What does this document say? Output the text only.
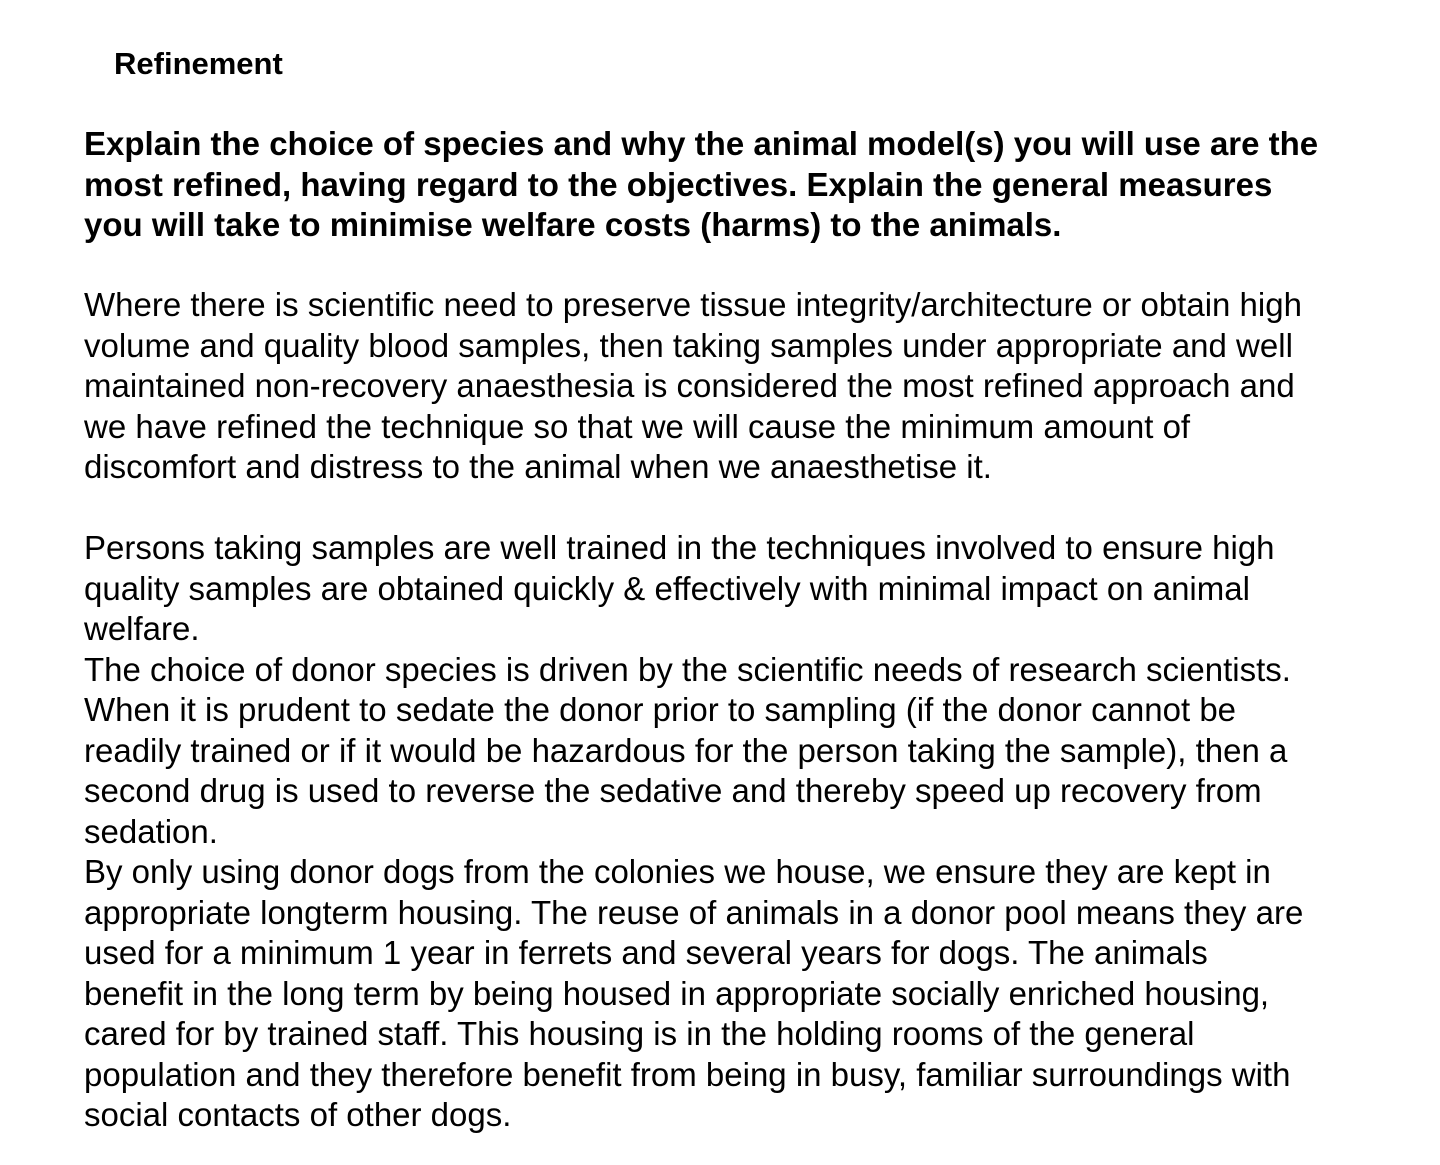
Refinement

Explain the choice of species and why the animal model(s) you will use are the
most refined, having regard to the objectives. Explain the general measures
you will take to minimise welfare costs (harms) to the animals.

Where there is scientific need to preserve tissue integrity/architecture or obtain high
volume and quality blood samples, then taking samples under appropriate and well
maintained non-recovery anaesthesia is considered the most refined approach and
we have refined the technique so that we will cause the minimum amount of
discomfort and distress to the animal when we anaesthetise it.

Persons taking samples are well trained in the techniques involved to ensure high
quality samples are obtained quickly & effectively with minimal impact on animal
welfare.
The choice of donor species is driven by the scientific needs of research scientists.
When it is prudent to sedate the donor prior to sampling (if the donor cannot be
readily trained or if it would be hazardous for the person taking the sample), then a
second drug is used to reverse the sedative and thereby speed up recovery from
sedation.
By only using donor dogs from the colonies we house, we ensure they are kept in
appropriate longterm housing. The reuse of animals in a donor pool means they are
used for a minimum 1 year in ferrets and several years for dogs. The animals
benefit in the long term by being housed in appropriate socially enriched housing,
cared for by trained staff. This housing is in the holding rooms of the general
population and they therefore benefit from being in busy, familiar surroundings with
social contacts of other dogs.
